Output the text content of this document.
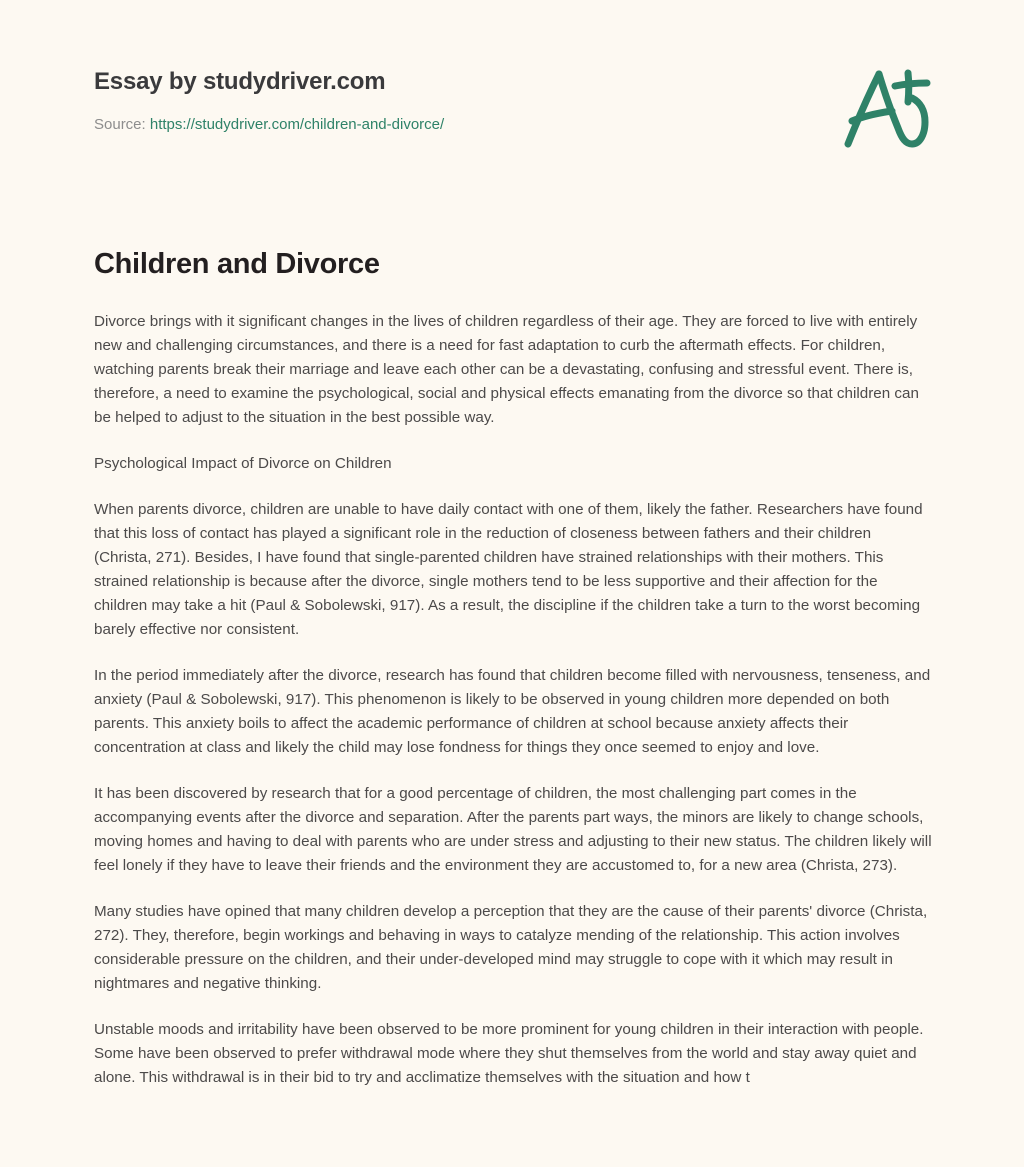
Essay by studydriver.com
Source: https://studydriver.com/children-and-divorce/
Children and Divorce

Divorce brings with it significant changes in the lives of children regardless of their age. They are forced to live with entirely new and challenging circumstances, and there is a need for fast adaptation to curb the aftermath effects. For children, watching parents break their marriage and leave each other can be a devastating, confusing and stressful event. There is, therefore, a need to examine the psychological, social and physical effects emanating from the divorce so that children can be helped to adjust to the situation in the best possible way.

Psychological Impact of Divorce on Children

When parents divorce, children are unable to have daily contact with one of them, likely the father. Researchers have found that this loss of contact has played a significant role in the reduction of closeness between fathers and their children (Christa, 271). Besides, I have found that single-parented children have strained relationships with their mothers. This strained relationship is because after the divorce, single mothers tend to be less supportive and their affection for the children may take a hit (Paul & Sobolewski, 917). As a result, the discipline if the children take a turn to the worst becoming barely effective nor consistent.

In the period immediately after the divorce, research has found that children become filled with nervousness, tenseness, and anxiety (Paul & Sobolewski, 917). This phenomenon is likely to be observed in young children more depended on both parents. This anxiety boils to affect the academic performance of children at school because anxiety affects their concentration at class and likely the child may lose fondness for things they once seemed to enjoy and love.

It has been discovered by research that for a good percentage of children, the most challenging part comes in the accompanying events after the divorce and separation. After the parents part ways, the minors are likely to change schools, moving homes and having to deal with parents who are under stress and adjusting to their new status. The children likely will feel lonely if they have to leave their friends and the environment they are accustomed to, for a new area (Christa, 273).

Many studies have opined that many children develop a perception that they are the cause of their parents' divorce (Christa, 272). They, therefore, begin workings and behaving in ways to catalyze mending of the relationship. This action involves considerable pressure on the children, and their under-developed mind may struggle to cope with it which may result in nightmares and negative thinking.

Unstable moods and irritability have been observed to be more prominent for young children in their interaction with people. Some have been observed to prefer withdrawal mode where they shut themselves from the world and stay away quiet and alone. This withdrawal is in their bid to try and acclimatize themselves with the situation and how t
